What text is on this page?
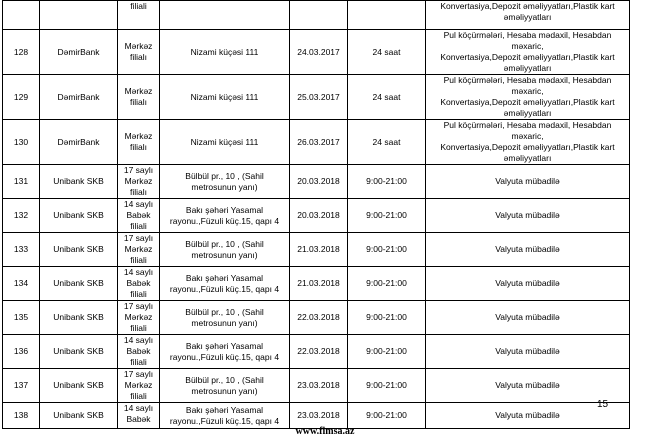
		filiali				Konvertasiya,Depozit əməliyyatları,Plastik kart
əməliyyatları
128	DəmirBank	Mərkəz
filialı	Nizami küçəsi 111	24.03.2017	24 saat	Pul köçürmələri, Hesaba mədaxil, Hesabdan məxaric,
Konvertasiya,Depozit əməliyyatları,Plastik kart
əməliyyatları
129	DəmirBank	Mərkəz
filialı	Nizami küçəsi 111	25.03.2017	24 saat	Pul köçürmələri, Hesaba mədaxil, Hesabdan məxaric,
Konvertasiya,Depozit əməliyyatları,Plastik kart
əməliyyatları
130	DəmirBank	Mərkəz
filialı	Nizami küçəsi 111	26.03.2017	24 saat	Pul köçürmələri, Hesaba mədaxil, Hesabdan məxaric,
Konvertasiya,Depozit əməliyyatları,Plastik kart
əməliyyatları
131	Unibank SKB	17 saylı
Mərkəz
filialı	Bülbül pr., 10 , (Sahil
metrosunun yanı)	20.03.2018	9:00-21:00	Valyuta mübadilə
132	Unibank SKB	14 saylı
Babək
filiali	Bakı şəhəri Yasamal
rayonu.,Füzuli küç.15, qapı 4	20.03.2018	9:00-21:00	Valyuta mübadilə
133	Unibank SKB	17 saylı
Mərkəz
filiali	Bülbül pr., 10 , (Sahil
metrosunun yanı)	21.03.2018	9:00-21:00	Valyuta mübadilə
134	Unibank SKB	14 saylı
Babək
filiali	Bakı şəhəri Yasamal
rayonu.,Füzuli küç.15, qapı 4	21.03.2018	9:00-21:00	Valyuta mübadilə
135	Unibank SKB	17 saylı
Mərkəz
filiali	Bülbül pr., 10 , (Sahil
metrosunun yanı)	22.03.2018	9:00-21:00	Valyuta mübadilə
136	Unibank SKB	14 saylı
Babək
filiali	Bakı şəhəri Yasamal
rayonu.,Füzuli küç.15, qapı 4	22.03.2018	9:00-21:00	Valyuta mübadilə
137	Unibank SKB	17 saylı
Mərkəz
filiali	Bülbül pr., 10 , (Sahil
metrosunun yanı)	23.03.2018	9:00-21:00	Valyuta mübadilə
138	Unibank SKB	14 saylı
Babək	Bakı şəhəri Yasamal
rayonu.,Füzuli küç.15, qapı 4	23.03.2018	9:00-21:00	Valyuta mübadilə
15
www.fimsa.az
